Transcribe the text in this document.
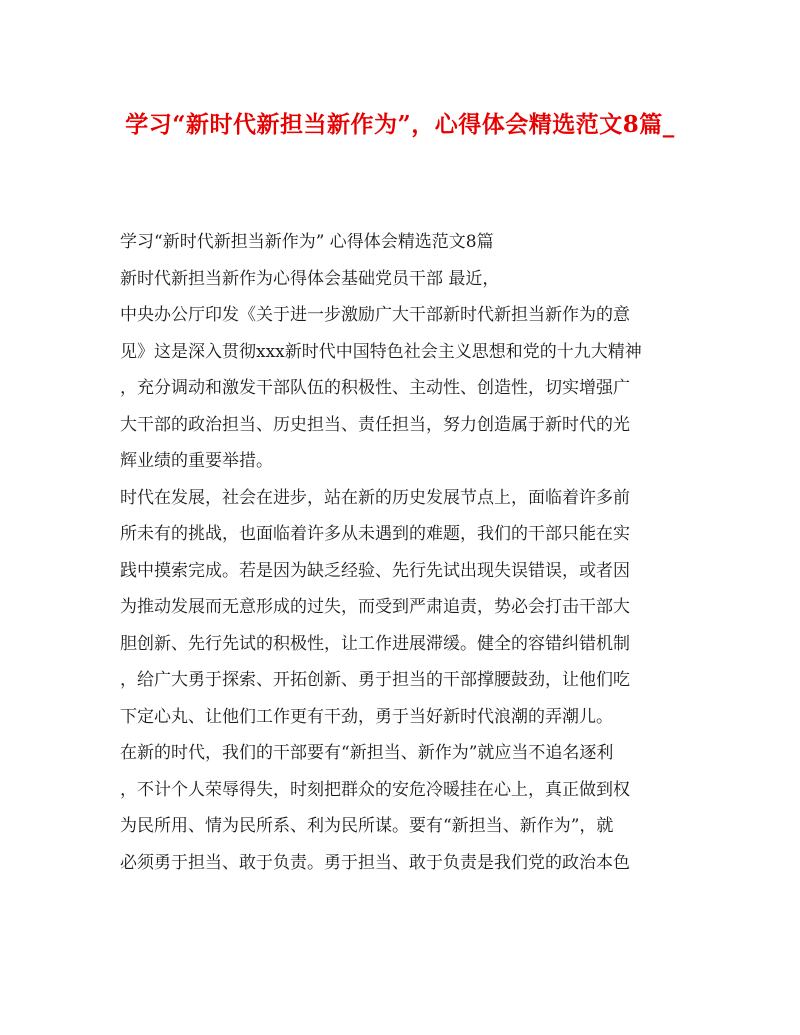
学习“新时代新担当新作为”，心得体会精选范文8篇_
学习“新时代新担当新作为” 心得体会精选范文8篇
新时代新担当新作为心得体会基础党员干部 最近，
中央办公厅印发《关于进一步激励广大干部新时代新担当新作为的意
见》这是深入贯彻xxx新时代中国特色社会主义思想和党的十九大精神
，充分调动和激发干部队伍的积极性、主动性、创造性，切实增强广
大干部的政治担当、历史担当、责任担当，努力创造属于新时代的光
辉业绩的重要举措。
时代在发展，社会在进步，站在新的历史发展节点上，面临着许多前
所未有的挑战，也面临着许多从未遇到的难题，我们的干部只能在实
践中摸索完成。若是因为缺乏经验、先行先试出现失误错误，或者因
为推动发展而无意形成的过失，而受到严肃追责，势必会打击干部大
胆创新、先行先试的积极性，让工作进展滞缓。健全的容错纠错机制
，给广大勇于探索、开拓创新、勇于担当的干部撑腰鼓劲，让他们吃
下定心丸、让他们工作更有干劲，勇于当好新时代浪潮的弄潮儿。
在新的时代，我们的干部要有“新担当、新作为”就应当不追名逐利
，不计个人荣辱得失，时刻把群众的安危冷暖挂在心上，真正做到权
为民所用、情为民所系、利为民所谋。要有“新担当、新作为”，就
必须勇于担当、敢于负责。勇于担当、敢于负责是我们党的政治本色
